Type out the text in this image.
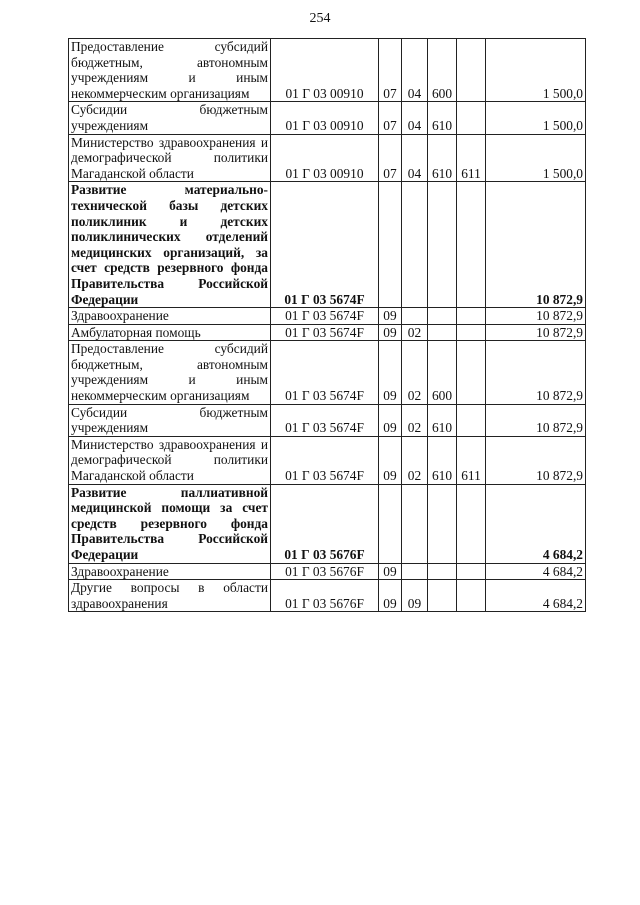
254
Предоставление субсидий бюджетным, автономным учреждениям и иным некоммерческим организациям	01 Г 03 00910	07	04	600		1 500,0

Субсидии бюджетным учреждениям	01 Г 03 00910	07	04	610		1 500,0

Министерство здравоохранения и демографической политики Магаданской области	01 Г 03 00910	07	04	610	611	1 500,0

Развитие материально-технической базы детских поликлиник и детских поликлинических отделений медицинских организаций, за счет средств резервного фонда Правительства Российской Федерации	01 Г 03 5674F					10 872,9

Здравоохранение	01 Г 03 5674F	09				10 872,9

Амбулаторная помощь	01 Г 03 5674F	09	02			10 872,9

Предоставление субсидий бюджетным, автономным учреждениям и иным некоммерческим организациям	01 Г 03 5674F	09	02	600		10 872,9

Субсидии бюджетным учреждениям	01 Г 03 5674F	09	02	610		10 872,9

Министерство здравоохранения и демографической политики Магаданской области	01 Г 03 5674F	09	02	610	611	10 872,9

Развитие паллиативной медицинской помощи за счет средств резервного фонда Правительства Российской Федерации	01 Г 03 5676F					4 684,2

Здравоохранение	01 Г 03 5676F	09				4 684,2

Другие вопросы в области здравоохранения	01 Г 03 5676F	09	09			4 684,2
